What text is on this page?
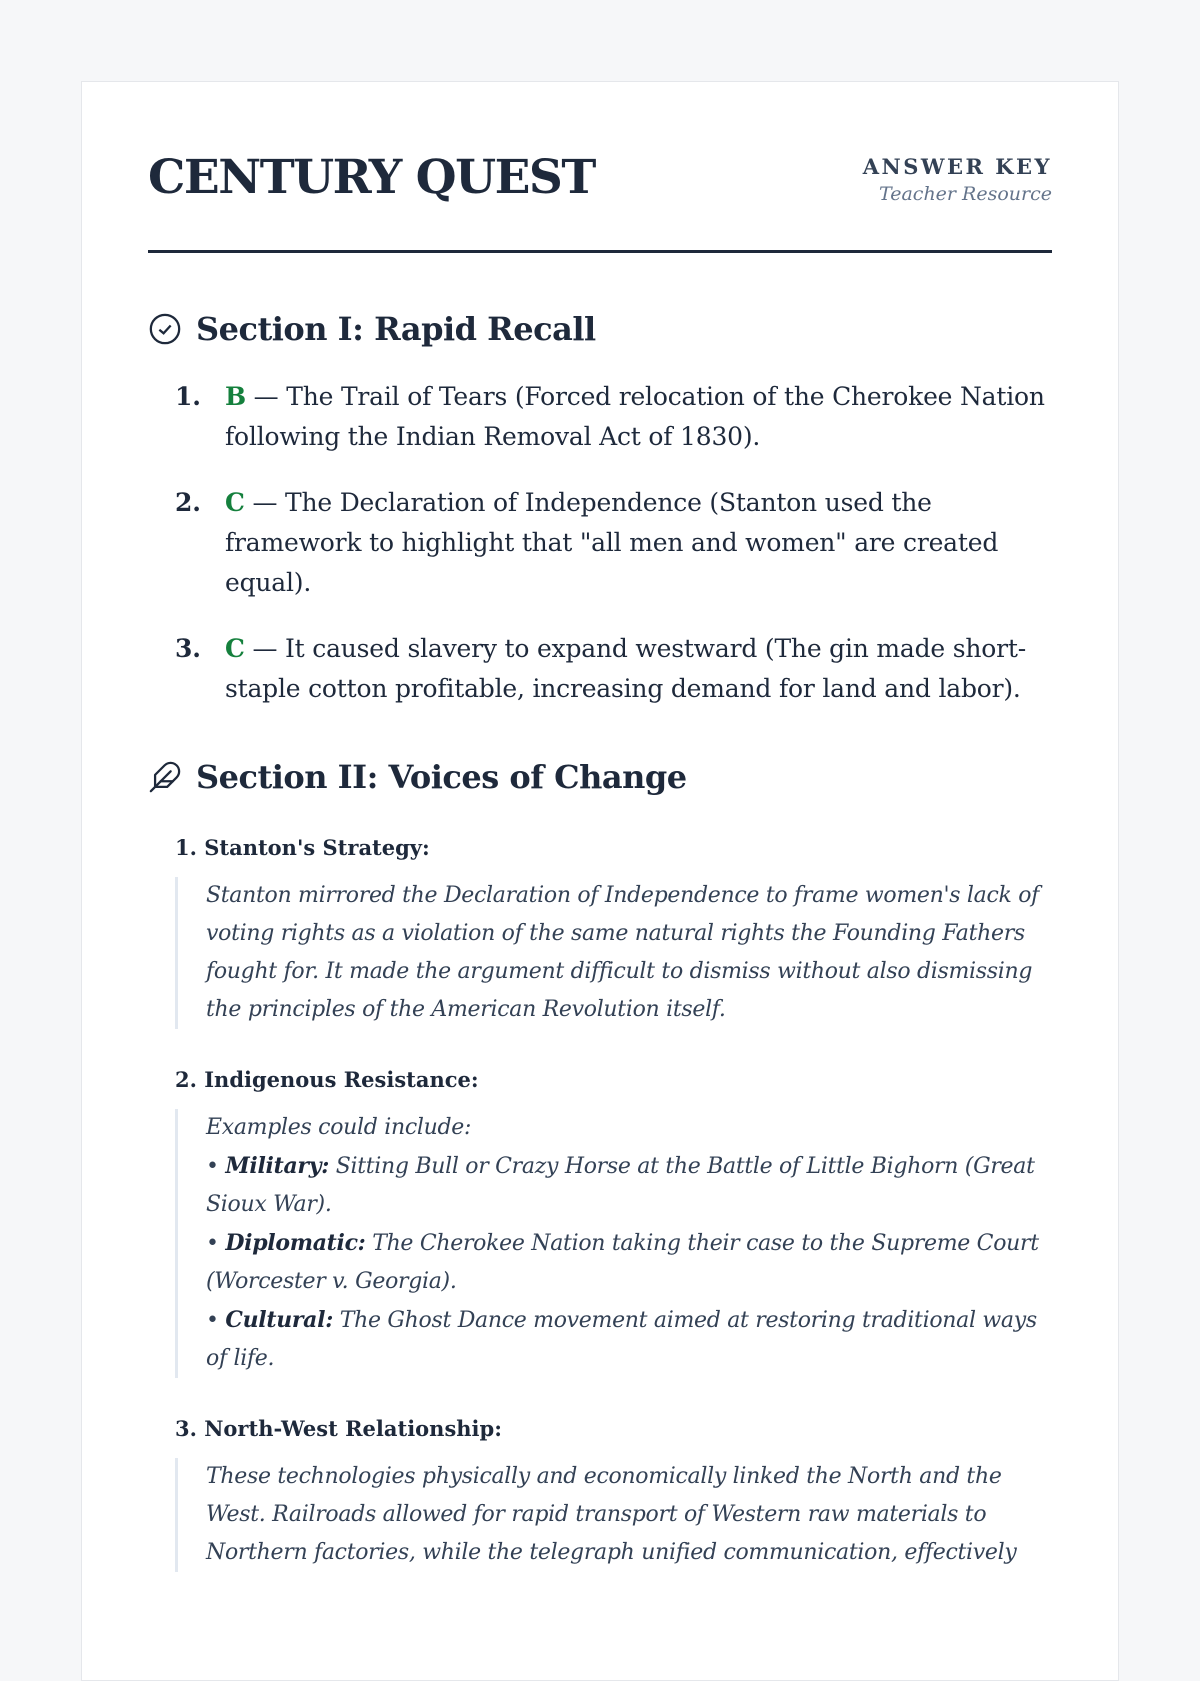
CENTURY QUEST	ANSWER KEY
Teacher Resource
Section I: Rapid Recall
1. B — The Trail of Tears (Forced relocation of the Cherokee Nation following the Indian Removal Act of 1830).
2. C — The Declaration of Independence (Stanton used the framework to highlight that "all men and women" are created equal).
3. C — It caused slavery to expand westward (The gin made short-staple cotton profitable, increasing demand for land and labor).
Section II: Voices of Change
1. Stanton's Strategy:
Stanton mirrored the Declaration of Independence to frame women's lack of voting rights as a violation of the same natural rights the Founding Fathers fought for. It made the argument difficult to dismiss without also dismissing the principles of the American Revolution itself.
2. Indigenous Resistance:
Examples could include:
• Military: Sitting Bull or Crazy Horse at the Battle of Little Bighorn (Great Sioux War).
• Diplomatic: The Cherokee Nation taking their case to the Supreme Court (Worcester v. Georgia).
• Cultural: The Ghost Dance movement aimed at restoring traditional ways of life.
3. North-West Relationship:
These technologies physically and economically linked the North and the West. Railroads allowed for rapid transport of Western raw materials to Northern factories, while the telegraph unified communication, effectively
